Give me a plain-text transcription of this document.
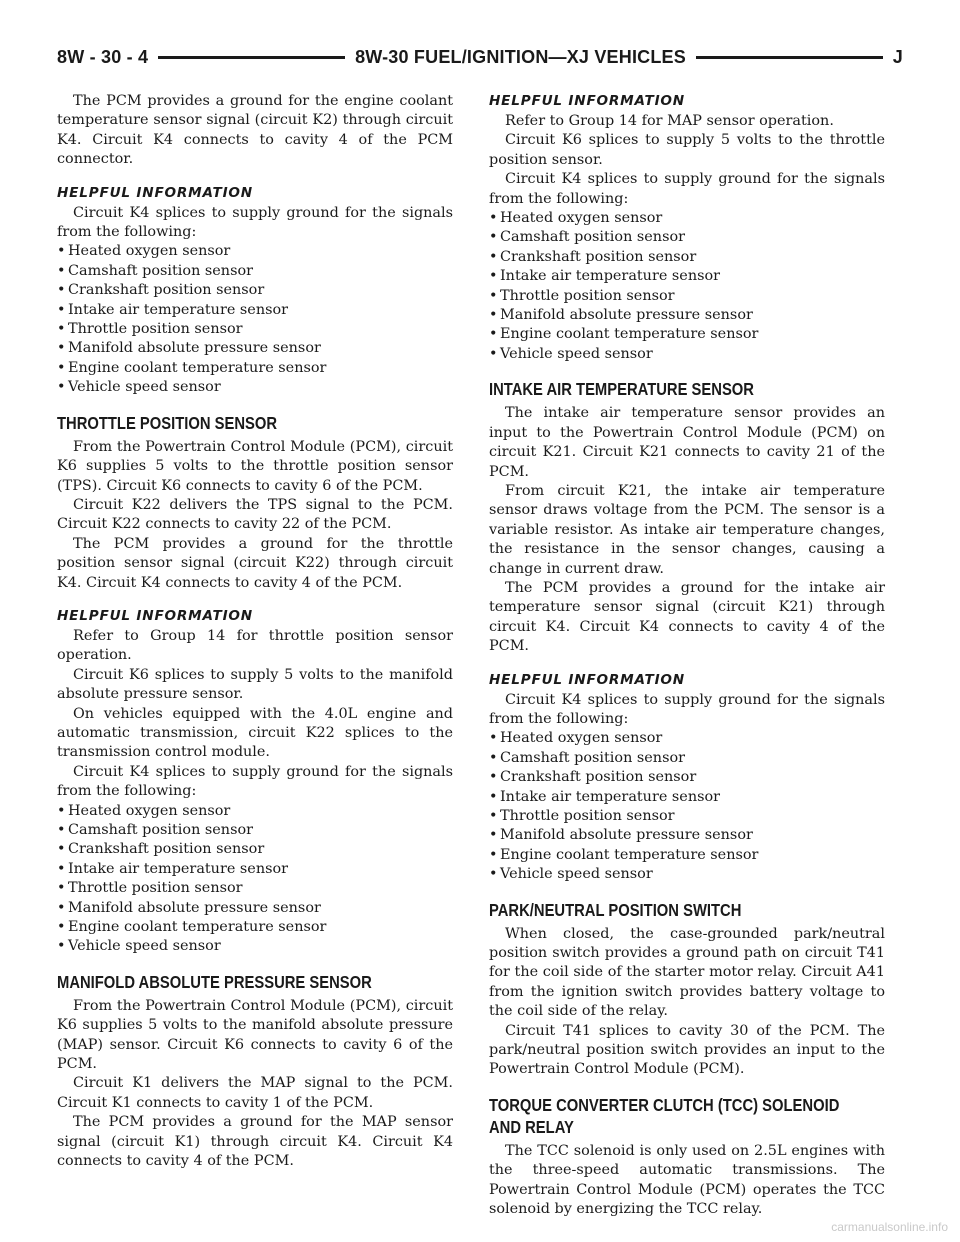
8W - 30 - 4	8W-30 FUEL/IGNITION—XJ VEHICLES	J

The PCM provides a ground for the engine coolant temperature sensor signal (circuit K2) through circuit K4. Circuit K4 connects to cavity 4 of the PCM connector.

HELPFUL INFORMATION

Circuit K4 splices to supply ground for the signals from the following:

• Heated oxygen sensor
• Camshaft position sensor
• Crankshaft position sensor
• Intake air temperature sensor
• Throttle position sensor
• Manifold absolute pressure sensor
• Engine coolant temperature sensor
• Vehicle speed sensor
THROTTLE POSITION SENSOR

From the Powertrain Control Module (PCM), circuit K6 supplies 5 volts to the throttle position sensor (TPS). Circuit K6 connects to cavity 6 of the PCM.

Circuit K22 delivers the TPS signal to the PCM. Circuit K22 connects to cavity 22 of the PCM.

The PCM provides a ground for the throttle position sensor signal (circuit K22) through circuit K4. Circuit K4 connects to cavity 4 of the PCM.

HELPFUL INFORMATION

Refer to Group 14 for throttle position sensor operation.

Circuit K6 splices to supply 5 volts to the manifold absolute pressure sensor.

On vehicles equipped with the 4.0L engine and automatic transmission, circuit K22 splices to the transmission control module.

Circuit K4 splices to supply ground for the signals from the following:

• Heated oxygen sensor
• Camshaft position sensor
• Crankshaft position sensor
• Intake air temperature sensor
• Throttle position sensor
• Manifold absolute pressure sensor
• Engine coolant temperature sensor
• Vehicle speed sensor
MANIFOLD ABSOLUTE PRESSURE SENSOR

From the Powertrain Control Module (PCM), circuit K6 supplies 5 volts to the manifold absolute pressure (MAP) sensor. Circuit K6 connects to cavity 6 of the PCM.

Circuit K1 delivers the MAP signal to the PCM. Circuit K1 connects to cavity 1 of the PCM.

The PCM provides a ground for the MAP sensor signal (circuit K1) through circuit K4. Circuit K4 connects to cavity 4 of the PCM.

HELPFUL INFORMATION

Refer to Group 14 for MAP sensor operation.

Circuit K6 splices to supply 5 volts to the throttle position sensor.

Circuit K4 splices to supply ground for the signals from the following:

• Heated oxygen sensor
• Camshaft position sensor
• Crankshaft position sensor
• Intake air temperature sensor
• Throttle position sensor
• Manifold absolute pressure sensor
• Engine coolant temperature sensor
• Vehicle speed sensor
INTAKE AIR TEMPERATURE SENSOR

The intake air temperature sensor provides an input to the Powertrain Control Module (PCM) on circuit K21. Circuit K21 connects to cavity 21 of the PCM.

From circuit K21, the intake air temperature sensor draws voltage from the PCM. The sensor is a variable resistor. As intake air temperature changes, the resistance in the sensor changes, causing a change in current draw.

The PCM provides a ground for the intake air temperature sensor signal (circuit K21) through circuit K4. Circuit K4 connects to cavity 4 of the PCM.

HELPFUL INFORMATION

Circuit K4 splices to supply ground for the signals from the following:

• Heated oxygen sensor
• Camshaft position sensor
• Crankshaft position sensor
• Intake air temperature sensor
• Throttle position sensor
• Manifold absolute pressure sensor
• Engine coolant temperature sensor
• Vehicle speed sensor
PARK/NEUTRAL POSITION SWITCH

When closed, the case-grounded park/neutral position switch provides a ground path on circuit T41 for the coil side of the starter motor relay. Circuit A41 from the ignition switch provides battery voltage to the coil side of the relay.

Circuit T41 splices to cavity 30 of the PCM. The park/neutral position switch provides an input to the Powertrain Control Module (PCM).

TORQUE CONVERTER CLUTCH (TCC) SOLENOID
AND RELAY

The TCC solenoid is only used on 2.5L engines with the three-speed automatic transmissions. The Powertrain Control Module (PCM) operates the TCC solenoid by energizing the TCC relay.

carmanualsonline.info
